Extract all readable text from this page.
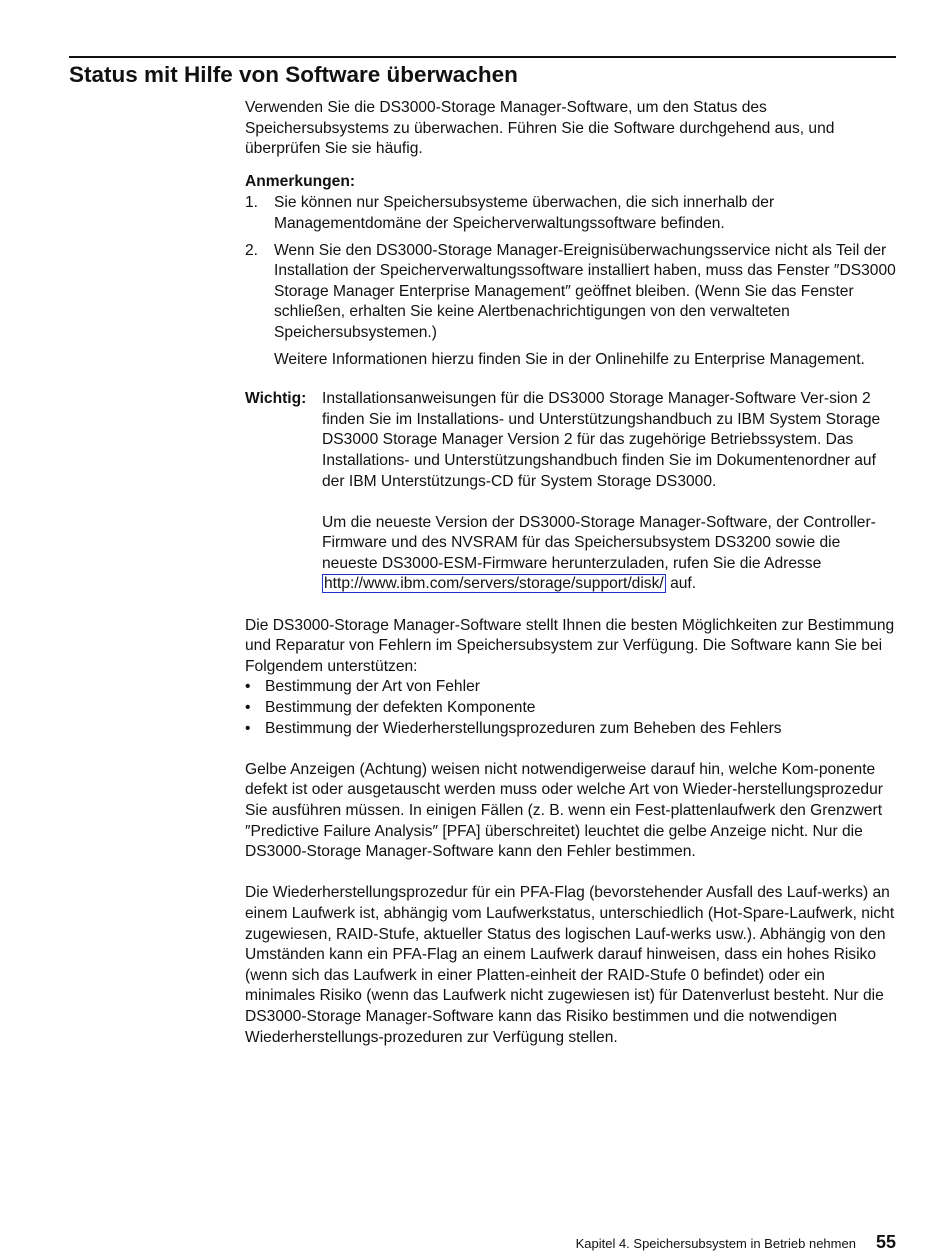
Status mit Hilfe von Software überwachen

Verwenden Sie die DS3000-Storage Manager-Software, um den Status des Speichersubsystems zu überwachen. Führen Sie die Software durchgehend aus, und überprüfen Sie sie häufig.

Anmerkungen:

1. Sie können nur Speichersubsysteme überwachen, die sich innerhalb der Managementdomäne der Speicherverwaltungssoftware befinden.
2. Wenn Sie den DS3000-Storage Manager-Ereignisüberwachungsservice nicht als Teil der Installation der Speicherverwaltungssoftware installiert haben, muss das Fenster ″DS3000 Storage Manager Enterprise Management″ geöffnet bleiben. (Wenn Sie das Fenster schließen, erhalten Sie keine Alertbenachrichtigungen von den verwalteten Speichersubsystemen.)

Weitere Informationen hierzu finden Sie in der Onlinehilfe zu Enterprise Management.

Wichtig:	Installationsanweisungen für die DS3000 Storage Manager-Software Ver-sion 2 finden Sie im Installations- und Unterstützungshandbuch zu IBM System Storage DS3000 Storage Manager Version 2 für das zugehörige Betriebssystem. Das Installations- und Unterstützungshandbuch finden Sie im Dokumentenordner auf der IBM Unterstützungs-CD für System Storage DS3000.

Um die neueste Version der DS3000-Storage Manager-Software, der Controller-Firmware und des NVSRAM für das Speichersubsystem DS3200 sowie die neueste DS3000-ESM-Firmware herunterzuladen, rufen Sie die Adresse http://www.ibm.com/servers/storage/support/disk/ auf.

Die DS3000-Storage Manager-Software stellt Ihnen die besten Möglichkeiten zur Bestimmung und Reparatur von Fehlern im Speichersubsystem zur Verfügung. Die Software kann Sie bei Folgendem unterstützen:

• Bestimmung der Art von Fehler
• Bestimmung der defekten Komponente
• Bestimmung der Wiederherstellungsprozeduren zum Beheben des Fehlers

Gelbe Anzeigen (Achtung) weisen nicht notwendigerweise darauf hin, welche Kom-ponente defekt ist oder ausgetauscht werden muss oder welche Art von Wieder-herstellungsprozedur Sie ausführen müssen. In einigen Fällen (z. B. wenn ein Fest-plattenlaufwerk den Grenzwert ″Predictive Failure Analysis″ [PFA] überschreitet) leuchtet die gelbe Anzeige nicht. Nur die DS3000-Storage Manager-Software kann den Fehler bestimmen.

Die Wiederherstellungsprozedur für ein PFA-Flag (bevorstehender Ausfall des Lauf-werks) an einem Laufwerk ist, abhängig vom Laufwerkstatus, unterschiedlich (Hot-Spare-Laufwerk, nicht zugewiesen, RAID-Stufe, aktueller Status des logischen Lauf-werks usw.). Abhängig von den Umständen kann ein PFA-Flag an einem Laufwerk darauf hinweisen, dass ein hohes Risiko (wenn sich das Laufwerk in einer Platten-einheit der RAID-Stufe 0 befindet) oder ein minimales Risiko (wenn das Laufwerk nicht zugewiesen ist) für Datenverlust besteht. Nur die DS3000-Storage Manager-Software kann das Risiko bestimmen und die notwendigen Wiederherstellungs-prozeduren zur Verfügung stellen.

Kapitel 4. Speichersubsystem in Betrieb nehmen 55
